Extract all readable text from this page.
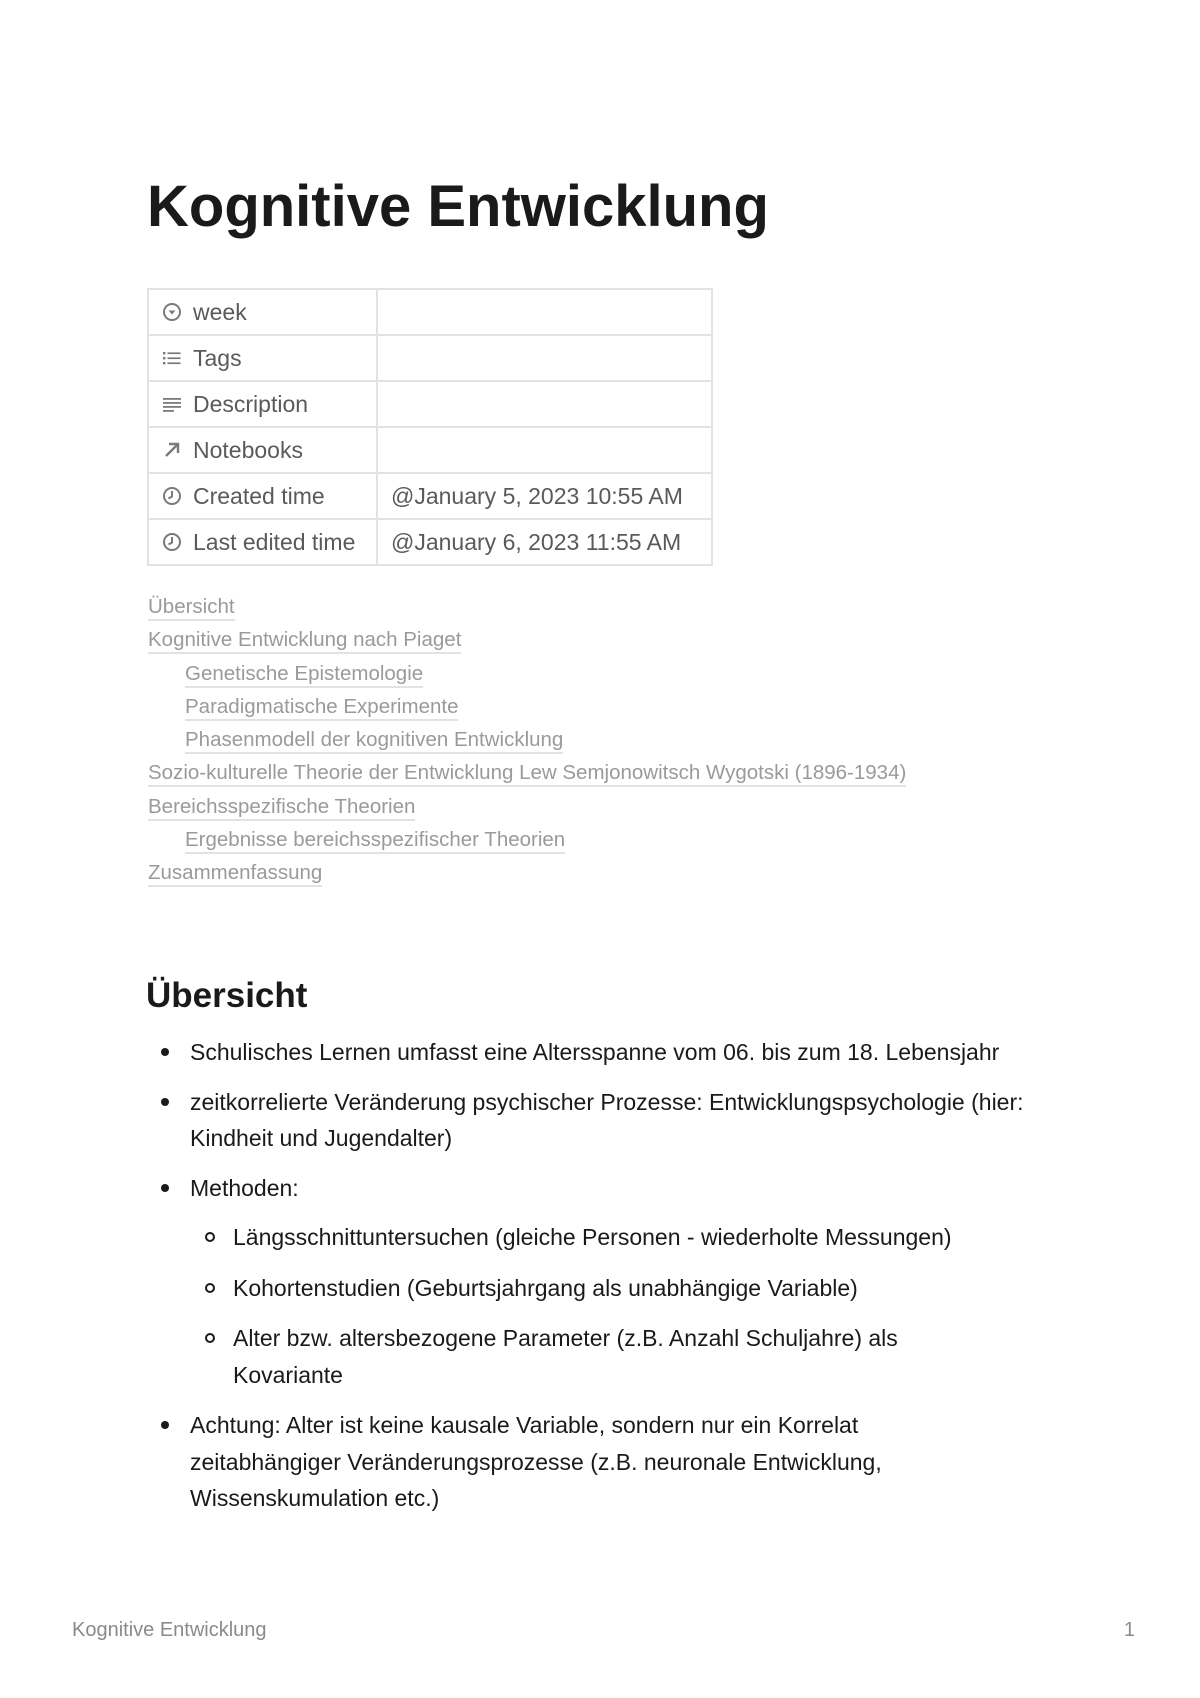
Kognitive Entwicklung
week	

Tags	

Description	

Notebooks	

Created time	@January 5, 2023 10:55 AM

Last edited time	@January 6, 2023 11:55 AM
Übersicht
Kognitive Entwicklung nach Piaget
Genetische Epistemologie
Paradigmatische Experimente
Phasenmodell der kognitiven Entwicklung
Sozio-kulturelle Theorie der Entwicklung Lew Semjonowitsch Wygotski (1896-1934)
Bereichsspezifische Theorien
Ergebnisse bereichsspezifischer Theorien
Zusammenfassung
Übersicht
Schulisches Lernen umfasst eine Altersspanne vom 06. bis zum 18. Lebensjahr
zeitkorrelierte Veränderung psychischer Prozesse: Entwicklungspsychologie (hier: Kindheit und Jugendalter)
Methoden:
Längsschnittuntersuchen (gleiche Personen - wiederholte Messungen)
Kohortenstudien (Geburtsjahrgang als unabhängige Variable)
Alter bzw. altersbezogene Parameter (z.B. Anzahl Schuljahre) als Kovariante
Achtung: Alter ist keine kausale Variable, sondern nur ein Korrelat zeitabhängiger Veränderungsprozesse (z.B. neuronale Entwicklung, Wissenskumulation etc.)
Kognitive Entwicklung	1
